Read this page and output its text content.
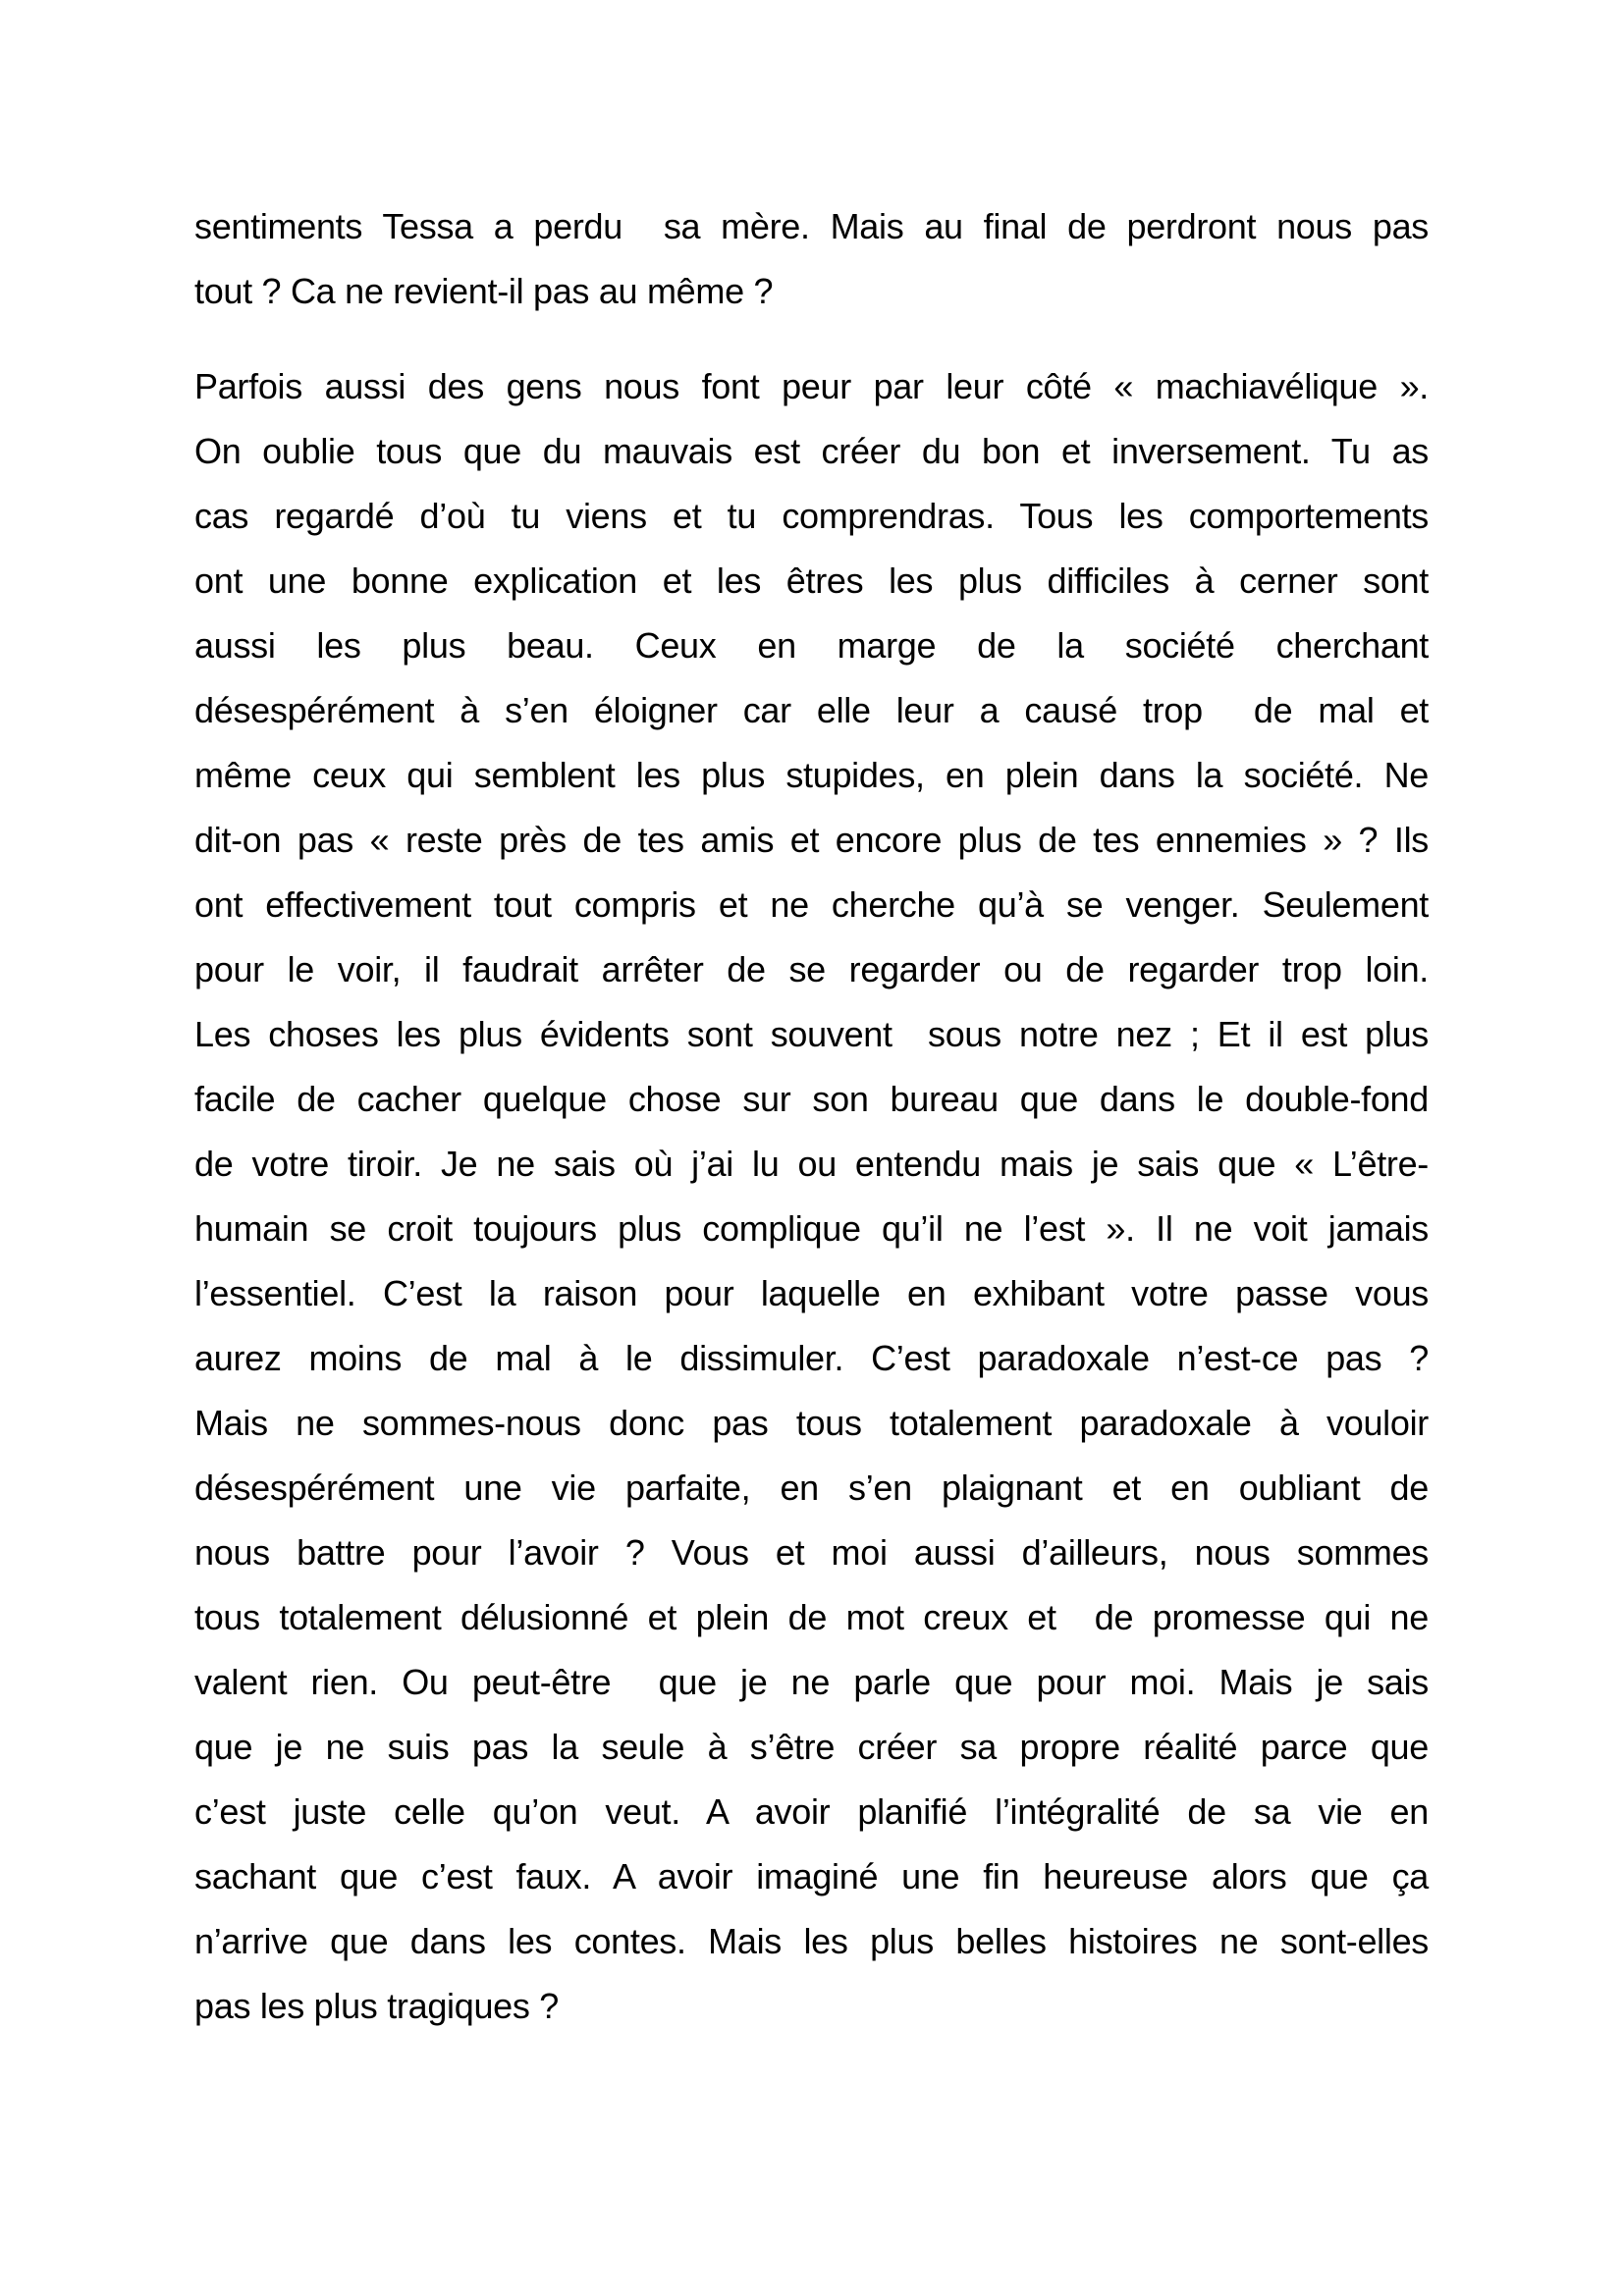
sentiments Tessa a perdu  sa mère. Mais au final de perdront nous pas
tout ? Ca ne revient-il pas au même ?
Parfois aussi des gens nous font peur par leur côté « machiavélique ».
On oublie tous que du mauvais est créer du bon et inversement. Tu as
cas regardé d’où tu viens et tu comprendras. Tous les comportements
ont une bonne explication et les êtres les plus difficiles à cerner sont
aussi les plus beau. Ceux en marge de la société cherchant
désespérément à s’en éloigner car elle leur a causé trop  de mal et
même ceux qui semblent les plus stupides, en plein dans la société. Ne
dit-on pas « reste près de tes amis et encore plus de tes ennemies » ? Ils
ont effectivement tout compris et ne cherche qu’à se venger. Seulement
pour le voir, il faudrait arrêter de se regarder ou de regarder trop loin.
Les choses les plus évidents sont souvent  sous notre nez ; Et il est plus
facile de cacher quelque chose sur son bureau que dans le double-fond
de votre tiroir. Je ne sais où j’ai lu ou entendu mais je sais que « L’être-
humain se croit toujours plus complique qu’il ne l’est ». Il ne voit jamais
l’essentiel. C’est la raison pour laquelle en exhibant votre passe vous
aurez moins de mal à le dissimuler. C’est paradoxale n’est-ce pas ?
Mais ne sommes-nous donc pas tous totalement paradoxale à vouloir
désespérément une vie parfaite, en s’en plaignant et en oubliant de
nous battre pour l’avoir ? Vous et moi aussi d’ailleurs, nous sommes
tous totalement délusionné et plein de mot creux et  de promesse qui ne
valent rien. Ou peut-être  que je ne parle que pour moi. Mais je sais
que je ne suis pas la seule à s’être créer sa propre réalité parce que
c’est juste celle qu’on veut. A avoir planifié l’intégralité de sa vie en
sachant que c’est faux. A avoir imaginé une fin heureuse alors que ça
n’arrive que dans les contes. Mais les plus belles histoires ne sont-elles
pas les plus tragiques ?
